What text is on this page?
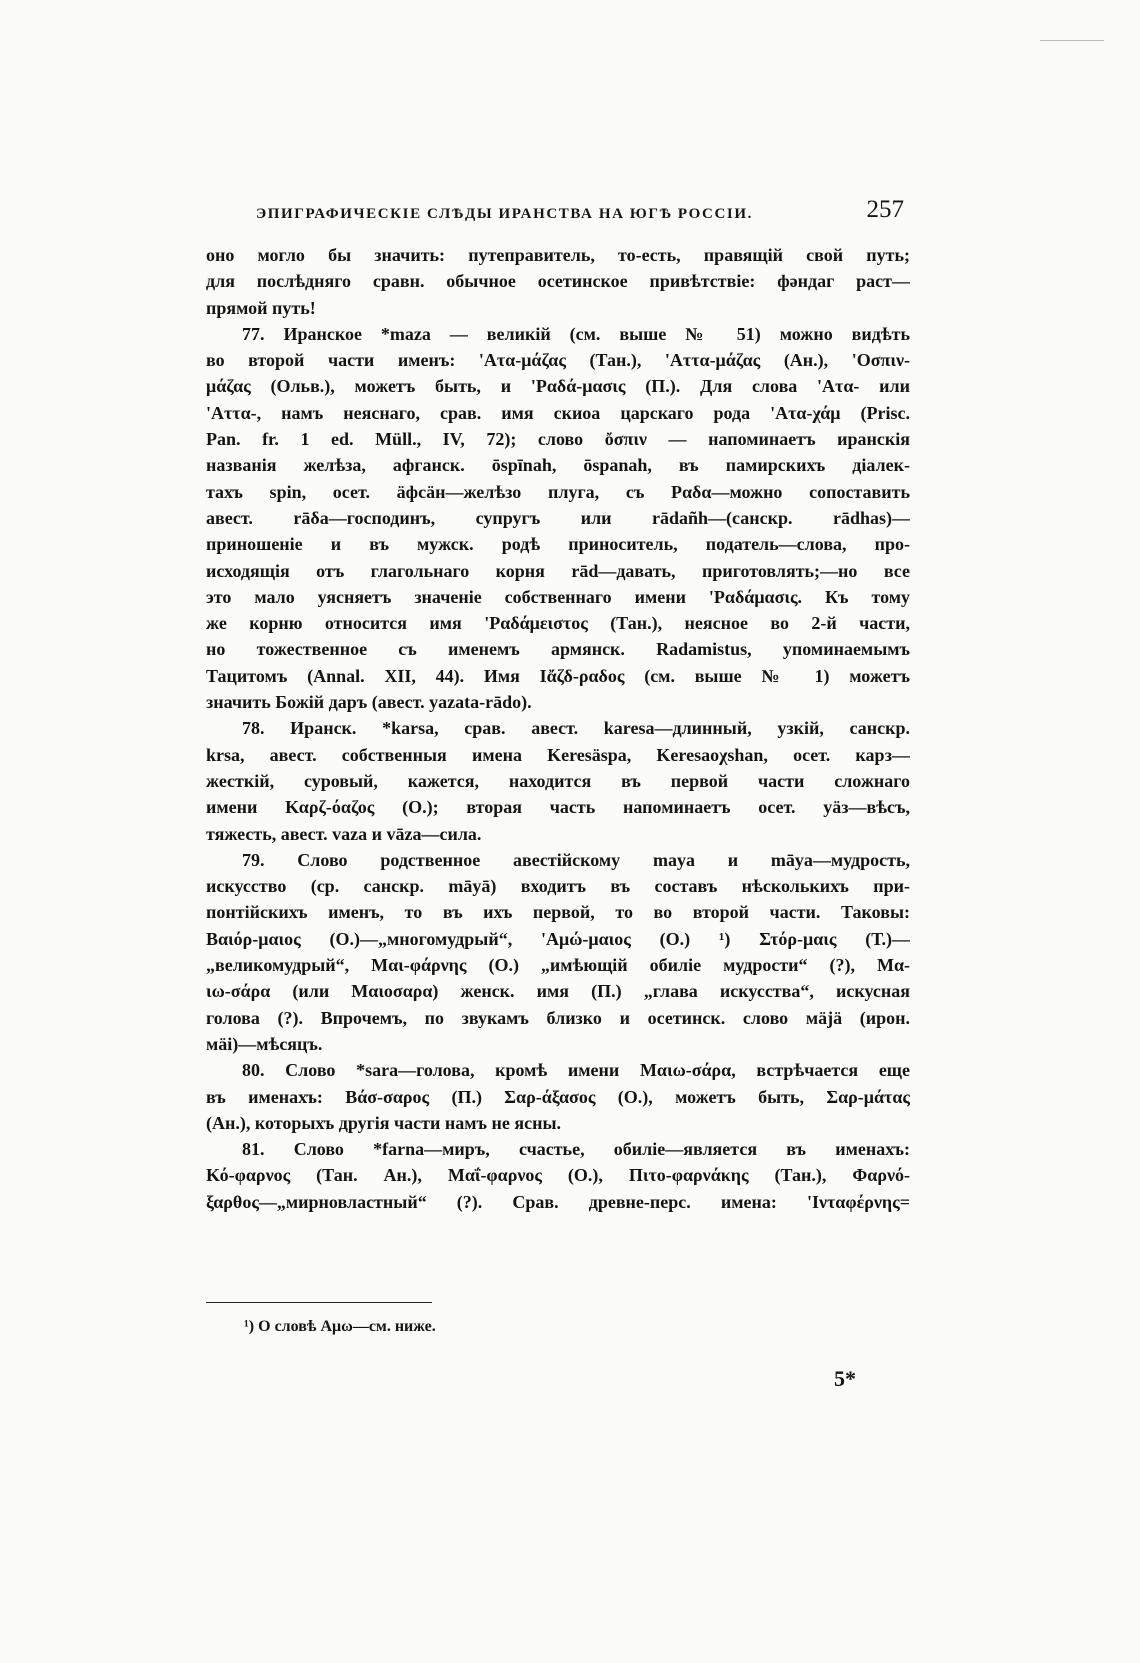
ЭПИГРАФИЧЕСКІЕ СЛѢДЫ ИРАНСТВА НА ЮГѢ РОССІИ.	257
оно могло бы значить: путеправитель, то-есть, правящій свой путь;
для послѣдняго сравн. обычное осетинское привѣтствіе: фәндаг раст—
прямой путь!
77. Иранское *maza — великій (см. выше № 51) можно видѣть
во второй части именъ: 'Ατα-μάζας (Тан.), 'Αττα-μάζας (Ан.), 'Οσπιν-
μάζας (Ольв.), можетъ быть, и 'Ραδά-μασις (П.). Для слова 'Ατα- или
'Αττα-, намъ неяснаго, срав. имя скиоа царскаго рода 'Ατα-χάμ (Prisc.
Pan. fr. 1 ed. Müll., IV, 72); слово ὄσπιν — напоминаетъ иранскія
названія желѣза, афганск. ōspīnah, ōspanah, въ памирскихъ діалек-
тахъ spin, осет. äфсäн—желѣзо плуга, съ Ραδα—можно сопоставить
авест. rāδa—господинъ, супругъ или rādañh—(санскр. rādhas)—
приношеніе и въ мужск. родѣ приноситель, податель—слова, про-
исходящія отъ глагольнаго корня rād—давать, приготовлять;—но все
это мало уясняетъ значеніе собственнаго имени 'Ραδάμασις. Къ тому
же корню относится имя 'Ραδάμειστος (Тан.), неясное во 2-й части,
но тожественное съ именемъ армянск. Radamistus, упоминаемымъ
Тацитомъ (Annal. XII, 44). Имя Ιἄζδ-ραδος (см. выше № 1) можетъ
значить Божій даръ (авест. yazata-rādo).
78. Иранск. *karsa, срав. авест. karesa—длинный, узкій, санскр.
krsa, авест. собственныя имена Keresäspa, Keresaoχshan, осет. карз—
жесткій, суровый, кажется, находится въ первой части сложнаго
имени Καρζ-όαζος (О.); вторая часть напоминаетъ осет. уäз—вѣсъ,
тяжесть, авест. vaza и vāza—сила.
79. Слово родственное авестійскому maya и māya—мудрость,
искусство (ср. санскр. māyā) входитъ въ составъ нѣсколькихъ при-
понтійскихъ именъ, то въ ихъ первой, то во второй части. Таковы:
Βαιόρ-μαιος (О.)—„многомудрый“, 'Αμώ-μαιος (О.) ¹) Στόρ-μαις (Т.)—
„великомудрый“, Μαι-φάρνης (О.) „имѣющій обиліе мудрости“ (?), Μα-
ιω-σάρα (или Μαιοσαρα) женск. имя (П.) „глава искусства“, искусная
голова (?). Впрочемъ, по звукамъ близко и осетинск. слово мäjä (ирон.
мäi)—мѣсяцъ.
80. Слово *sara—голова, кромѣ имени Μαιω-σάρα, встрѣчается еще
въ именахъ: Βάσ-σαρος (П.) Σαρ-άξασος (О.), можетъ быть, Σαρ-μάτας
(Ан.), которыхъ другія части намъ не ясны.
81. Слово *farna—миръ, счастье, обиліе—является въ именахъ:
Κό-φαρνος (Тан. Ан.), Μαΐ-φαρνος (О.), Πιτο-φαρνάκης (Тан.), Φαρνό-
ξαρθος—„мирновластный“ (?). Срав. древне-перс. имена: 'Ινταφέρνης=
¹) О словѣ Αμω—см. ниже.
5*
